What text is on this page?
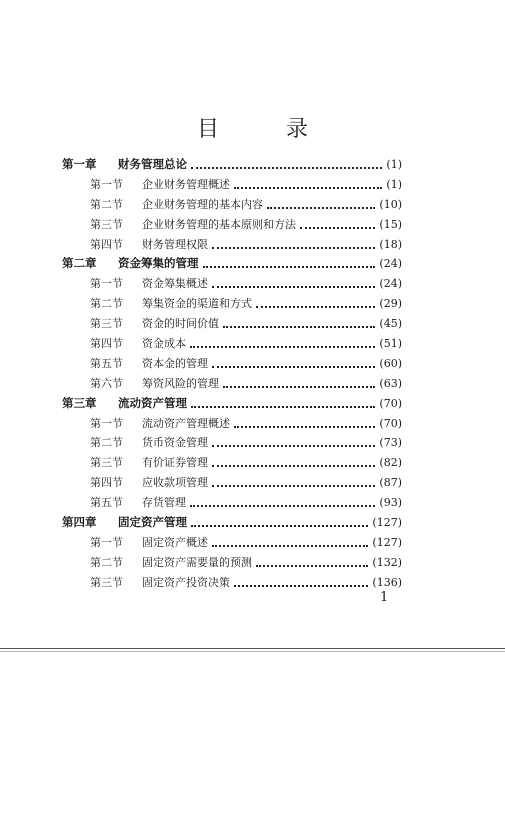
目 录
第一章	财务管理总论	(1)
第一节	企业财务管理概述	(1)
第二节	企业财务管理的基本内容	(10)
第三节	企业财务管理的基本原则和方法	(15)
第四节	财务管理权限	(18)
第二章	资金筹集的管理	(24)
第一节	资金筹集概述	(24)
第二节	筹集资金的渠道和方式	(29)
第三节	资金的时间价值	(45)
第四节	资金成本	(51)
第五节	资本金的管理	(60)
第六节	筹资风险的管理	(63)
第三章	流动资产管理	(70)
第一节	流动资产管理概述	(70)
第二节	货币资金管理	(73)
第三节	有价证券管理	(82)
第四节	应收款项管理	(87)
第五节	存货管理	(93)
第四章	固定资产管理	(127)
第一节	固定资产概述	(127)
第二节	固定资产需要量的预测	(132)
第三节	固定资产投资决策	(136)
1
